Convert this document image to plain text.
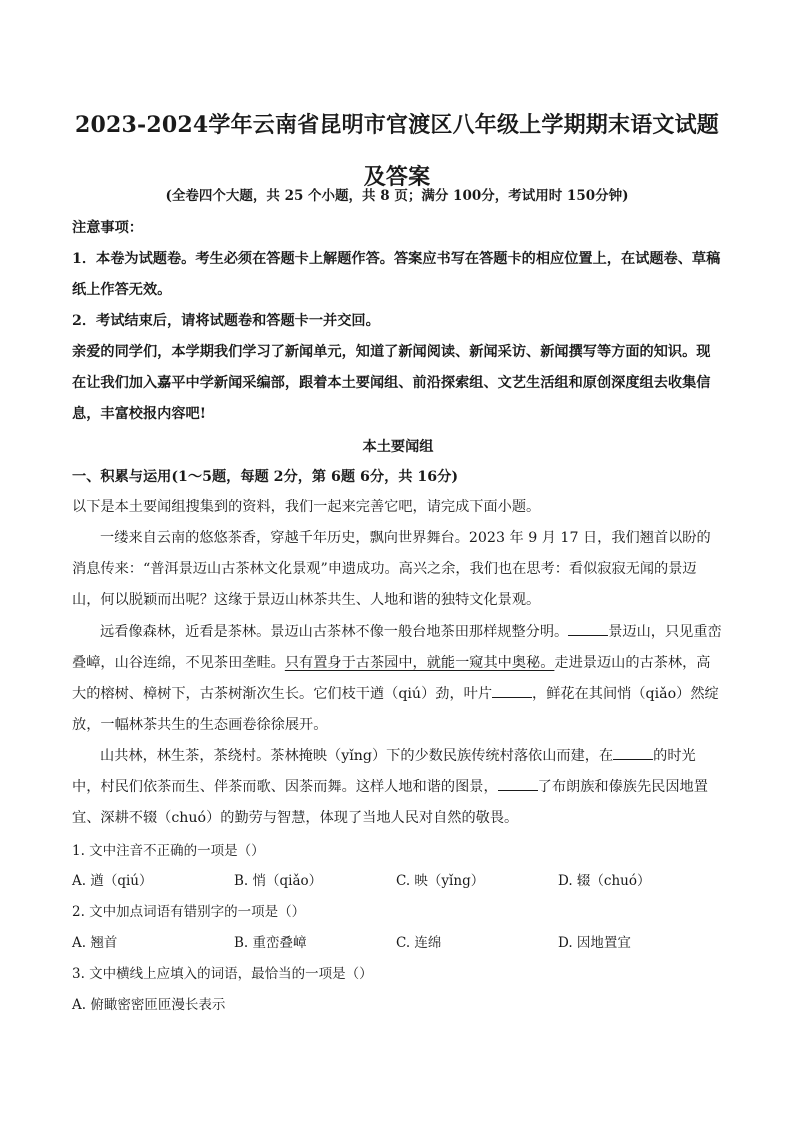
2023-2024学年云南省昆明市官渡区八年级上学期期末语文试题及答案
(全卷四个大题，共 25 个小题，共 8 页；满分 100分，考试用时 150分钟)
注意事项：
1．本卷为试题卷。考生必须在答题卡上解题作答。答案应书写在答题卡的相应位置上，在试题卷、草稿纸上作答无效。
2．考试结束后，请将试题卷和答题卡一并交回。
亲爱的同学们，本学期我们学习了新闻单元，知道了新闻阅读、新闻采访、新闻撰写等方面的知识。现在让我们加入嘉平中学新闻采编部，跟着本土要闻组、前沿探索组、文艺生活组和原创深度组去收集信息，丰富校报内容吧!
本土要闻组
一、积累与运用(1～5题，每题 2分，第 6题 6分，共 16分)
以下是本土要闻组搜集到的资料，我们一起来完善它吧，请完成下面小题。
一缕来自云南的悠悠茶香，穿越千年历史，飘向世界舞台。2023 年 9 月 17 日，我们翘首以盼的消息传来：“普洱景迈山古茶林文化景观”申遗成功。高兴之余，我们也在思考：看似寂寂无闻的景迈山，何以脱颖而出呢？这缘于景迈山林茶共生、人地和谐的独特文化景观。
远看像森林，近看是茶林。景迈山古茶林不像一般台地茶田那样规整分明。	景迈山，只见重峦叠嶂，山谷连绵，不见茶田垄畦。只有置身于古茶园中，就能一窥其中奥秘。走进景迈山的古茶林，高大的榕树、樟树下，古茶树渐次生长。它们枝干遒（qiú）劲，叶片	，鲜花在其间悄（qiǎo）然绽放，一幅林茶共生的生态画卷徐徐展开。
山共林，林生茶，茶绕村。茶林掩映（yǐng）下的少数民族传统村落依山而建，在	的时光中，村民们依茶而生、伴茶而歌、因茶而舞。这样人地和谐的图景，	了布朗族和傣族先民因地置宜、深耕不辍（chuó）的勤劳与智慧，体现了当地人民对自然的敬畏。
1. 文中注音不正确的一项是（）
A. 遒（qiú）	B. 悄（qiǎo）	C. 映（yǐng）	D. 辍（chuó）
2. 文中加点词语有错别字的一项是（）
A. 翘首	B. 重峦叠嶂	C. 连绵	D. 因地置宜
3. 文中横线上应填入的词语，最恰当的一项是（）
A. 俯瞰密密匝匝漫长表示
